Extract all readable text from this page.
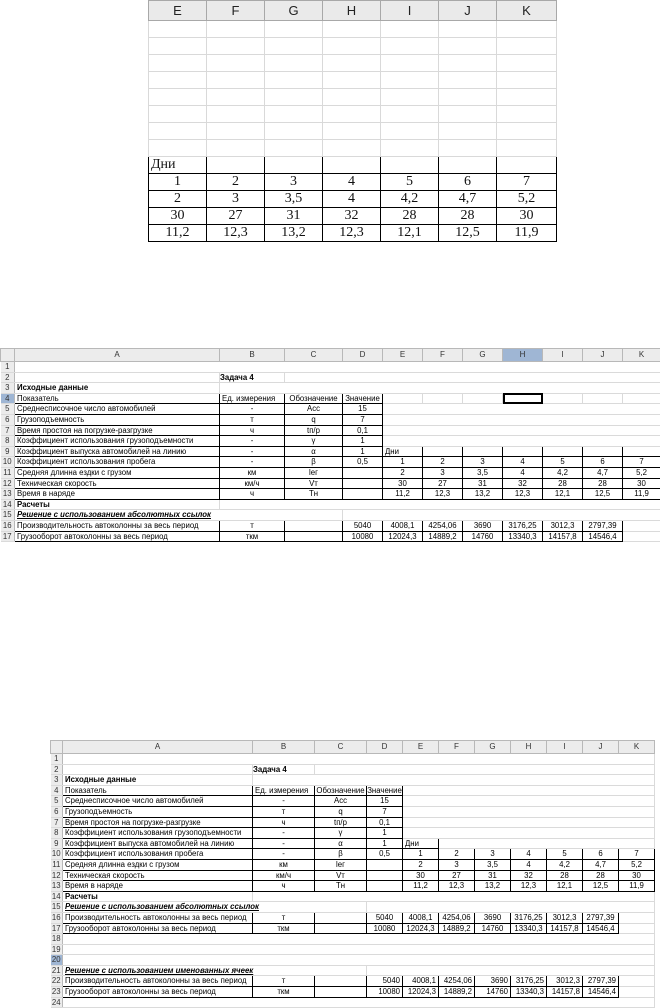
E	F	G	H	I	J	K

Дни						
1	2	3	4	5	6	7
2	3	3,5	4	4,2	4,7	5,2
30	27	31	32	28	28	30
11,2	12,3	13,2	12,3	12,1	12,5	11,9
	A	B	C	D	E	F	G	H	I	J	K
1											
2		Задача 4									
3	Исходные данные										
4	Показатель	Ед. измерения	Обозначение	Значение							
5	Среднесписочное число автомобилей	-	Асс	15							
6	Грузоподъемность	т	q	7							
7	Время простоя на погрузке-разгрузке	ч	tп/р	0,1							
8	Коэффициент использования грузоподъемности	-	γ	1							
9	Коэффициент выпуска автомобилей на линию	-	α	1	Дни						
10	Коэффициент использования пробега	-	β	0,5	1	2	3	4	5	6	7
11	Средняя длинна ездки с грузом	км	lег		2	3	3,5	4	4,2	4,7	5,2
12	Техническая скорость	км/ч	Vт		30	27	31	32	28	28	30
13	Время в наряде	ч	Тн		11,2	12,3	13,2	12,3	12,1	12,5	11,9
14	Расчеты										
15	Решение с использованием абсолютных ссылок										
16	Производительность автоколонны за весь период	т		5040	4008,1	4254,06	3690	3176,25	3012,3	2797,39	
17	Грузооборот автоколонны за весь период	ткм		10080	12024,3	14889,2	14760	13340,3	14157,8	14546,4	
	A	B	C	D	E	F	G	H	I	J	K
1											
2		Задача 4									
3	Исходные данные										
4	Показатель	Ед. измерения	Обозначение	Значение							
5	Среднесписочное число автомобилей	-	Асс	15							
6	Грузоподъемность	т	q	7							
7	Время простоя на погрузке-разгрузке	ч	tп/р	0,1							
8	Коэффициент использования грузоподъемности	-	γ	1							
9	Коэффициент выпуска автомобилей на линию	-	α	1	Дни						
10	Коэффициент использования пробега	-	β	0,5	1	2	3	4	5	6	7
11	Средняя длинна ездки с грузом	км	lег		2	3	3,5	4	4,2	4,7	5,2
12	Техническая скорость	км/ч	Vт		30	27	31	32	28	28	30
13	Время в наряде	ч	Тн		11,2	12,3	13,2	12,3	12,1	12,5	11,9
14	Расчеты										
15	Решение с использованием абсолютных ссылок										
16	Производительность автоколонны за весь период	т		5040	4008,1	4254,06	3690	3176,25	3012,3	2797,39	
17	Грузооборот автоколонны за весь период	ткм		10080	12024,3	14889,2	14760	13340,3	14157,8	14546,4	
18											
19											
20											
21	Решение с использованием именованных ячеек										
22	Производительность автоколонны за весь период	т		5040	4008,1	4254,06	3690	3176,25	3012,3	2797,39	
23	Грузооборот автоколонны за весь период	ткм		10080	12024,3	14889,2	14760	13340,3	14157,8	14546,4	
24											
